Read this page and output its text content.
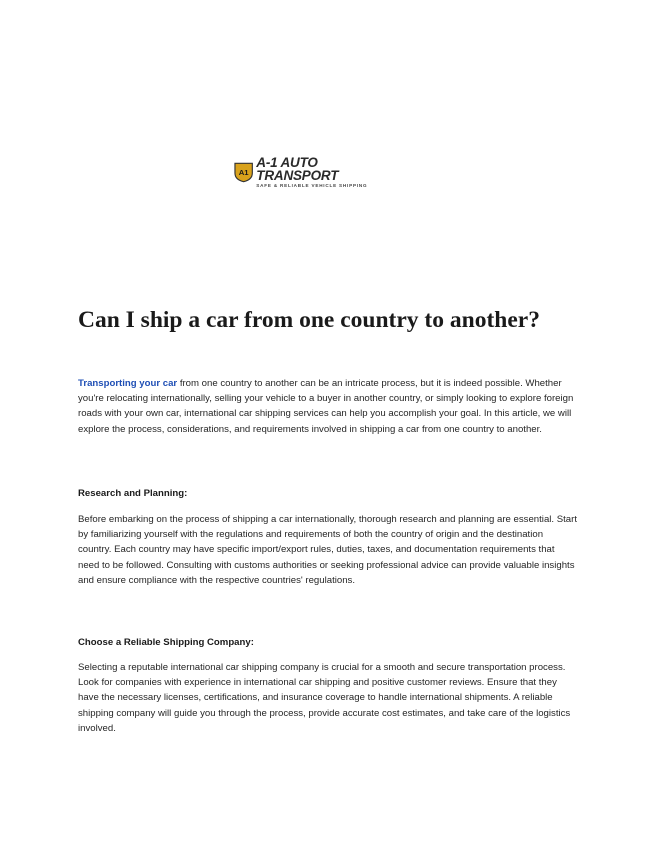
A1
A-1 AUTO TRANSPORT
SAFE & RELIABLE VEHICLE SHIPPING
Can I ship a car from one country to another?

Transporting your car from one country to another can be an intricate process, but it is indeed possible. Whether you're relocating internationally, selling your vehicle to a buyer in another country, or simply looking to explore foreign roads with your own car, international car shipping services can help you accomplish your goal. In this article, we will explore the process, considerations, and requirements involved in shipping a car from one country to another.

Research and Planning:

Before embarking on the process of shipping a car internationally, thorough research and planning are essential. Start by familiarizing yourself with the regulations and requirements of both the country of origin and the destination country. Each country may have specific import/export rules, duties, taxes, and documentation requirements that need to be followed. Consulting with customs authorities or seeking professional advice can provide valuable insights and ensure compliance with the respective countries' regulations.

Choose a Reliable Shipping Company:

Selecting a reputable international car shipping company is crucial for a smooth and secure transportation process. Look for companies with experience in international car shipping and positive customer reviews. Ensure that they have the necessary licenses, certifications, and insurance coverage to handle international shipments. A reliable shipping company will guide you through the process, provide accurate cost estimates, and take care of the logistics involved.
